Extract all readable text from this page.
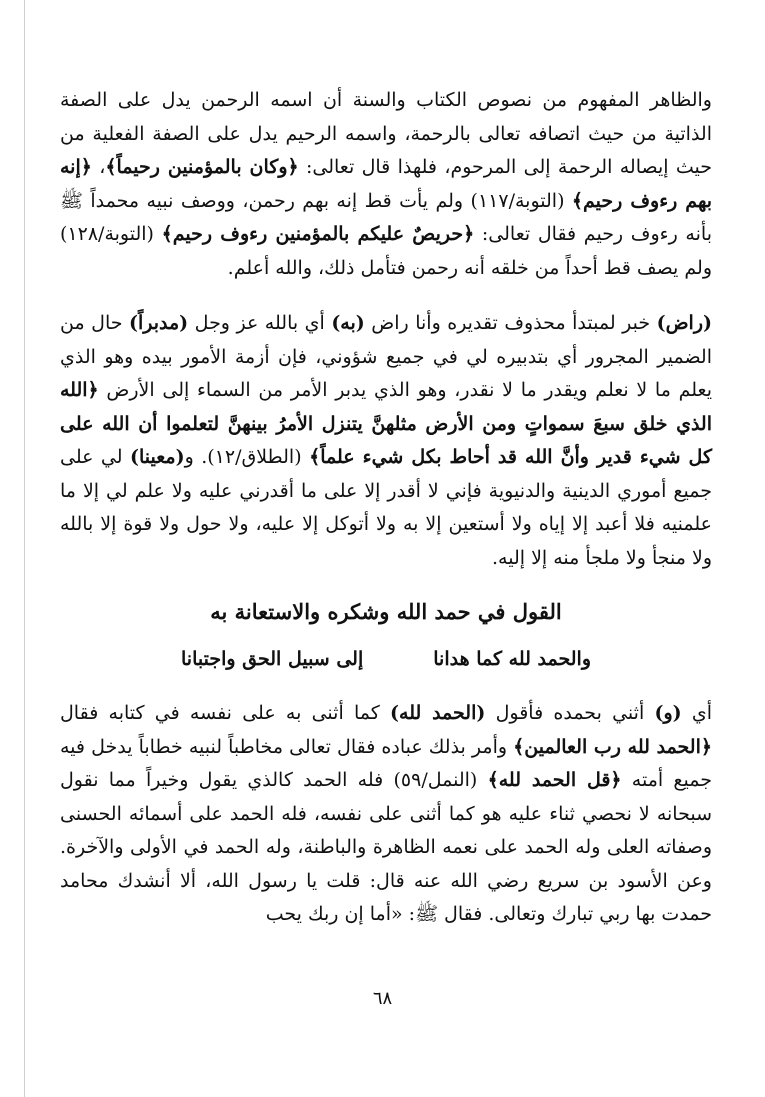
والظاهر المفهوم من نصوص الكتاب والسنة أن اسمه الرحمن يدل على الصفة الذاتية من حيث اتصافه تعالى بالرحمة، واسمه الرحيم يدل على الصفة الفعلية من حيث إيصاله الرحمة إلى المرحوم، فلهذا قال تعالى: ﴿وكان بالمؤمنين رحيماً﴾، ﴿إنه بهم رءوف رحيم﴾ (التوبة/١١٧) ولم يأت قط إنه بهم رحمن، ووصف نبيه محمداً ﷺ بأنه رءوف رحيم فقال تعالى: ﴿حريصٌ عليكم بالمؤمنين رءوف رحيم﴾ (التوبة/١٢٨) ولم يصف قط أحداً من خلقه أنه رحمن فتأمل ذلك، والله أعلم.

(راض) خبر لمبتدأ محذوف تقديره وأنا راض (به) أي بالله عز وجل (مدبراً) حال من الضمير المجرور أي بتدبيره لي في جميع شؤوني، فإن أزمة الأمور بيده وهو الذي يعلم ما لا نعلم ويقدر ما لا نقدر، وهو الذي يدبر الأمر من السماء إلى الأرض ﴿الله الذي خلق سبعَ سمواتٍ ومن الأرض مثلهنَّ يتنزل الأمرُ بينهنَّ لتعلموا أن الله على كل شيء قدير وأنَّ الله قد أحاط بكل شيء علماً﴾ (الطلاق/١٢). و(معينا) لي على جميع أموري الدينية والدنيوية فإني لا أقدر إلا على ما أقدرني عليه ولا علم لي إلا ما علمنيه فلا أعبد إلا إياه ولا أستعين إلا به ولا أتوكل إلا عليه، ولا حول ولا قوة إلا بالله ولا منجأ ولا ملجأ منه إلا إليه.

القول في حمد الله وشكره والاستعانة به
والحمد لله كما هدانا
إلى سبيل الحق واجتبانا

أي (و) أثني بحمده فأقول (الحمد لله) كما أثنى به على نفسه في كتابه فقال ﴿الحمد لله رب العالمين﴾ وأمر بذلك عباده فقال تعالى مخاطباً لنبيه خطاباً يدخل فيه جميع أمته ﴿قل الحمد لله﴾ (النمل/٥٩) فله الحمد كالذي يقول وخيراً مما نقول سبحانه لا نحصي ثناء عليه هو كما أثنى على نفسه، فله الحمد على أسمائه الحسنى وصفاته العلى وله الحمد على نعمه الظاهرة والباطنة، وله الحمد في الأولى والآخرة. وعن الأسود بن سريع رضي الله عنه قال: قلت يا رسول الله، ألا أنشدك محامد حمدت بها ربي تبارك وتعالى. فقال ﷺ: «أما إن ربك يحب

٦٨
